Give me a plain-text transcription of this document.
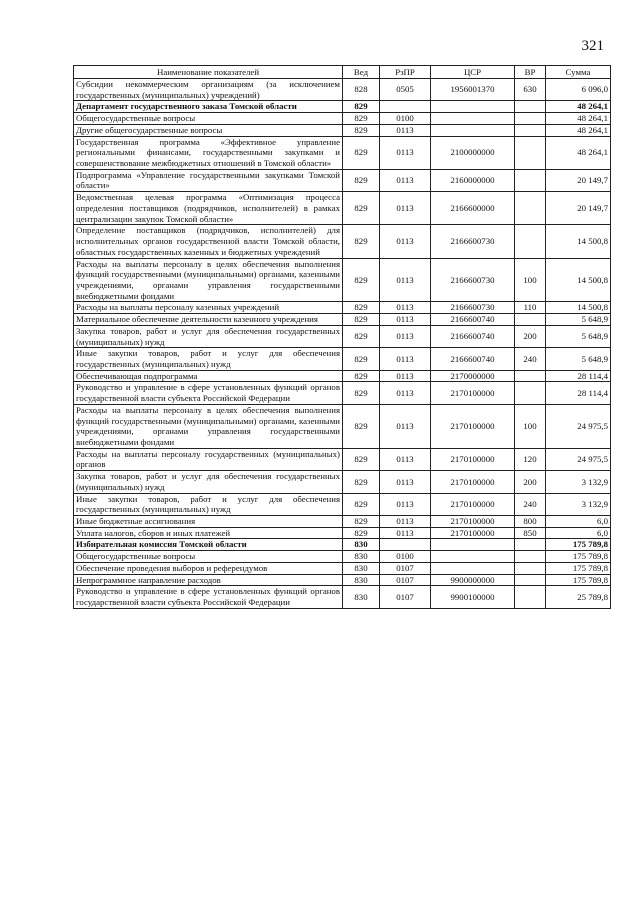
321
Наименование показателей	Вед	РзПР	ЦСР	ВР	Сумма
Субсидии некоммерческим организациям (за исключением государственных (муниципальных) учреждений)	828	0505	1956001370	630	6 096,0
Департамент государственного заказа Томской области	829				48 264,1
Общегосударственные вопросы	829	0100			48 264,1
Другие общегосударственные вопросы	829	0113			48 264,1
Государственная программа «Эффективное управление региональными финансами, государственными закупками и совершенствование межбюджетных отношений в Томской области»	829	0113	2100000000		48 264,1
Подпрограмма «Управление государственными закупками Томской области»	829	0113	2160000000		20 149,7
Ведомственная целевая программа «Оптимизация процесса определения поставщиков (подрядчиков, исполнителей) в рамках централизации закупок Томской области»	829	0113	2166600000		20 149,7
Определение поставщиков (подрядчиков, исполнителей) для исполнительных органов государственной власти Томской области, областных государственных казенных и бюджетных учреждений	829	0113	2166600730		14 500,8
Расходы на выплаты персоналу в целях обеспечения выполнения функций государственными (муниципальными) органами, казенными учреждениями, органами управления государственными внебюджетными фондами	829	0113	2166600730	100	14 500,8
Расходы на выплаты персоналу казенных учреждений	829	0113	2166600730	110	14 500,8
Материальное обеспечение деятельности казенного учреждения	829	0113	2166600740		5 648,9
Закупка товаров, работ и услуг для обеспечения государственных (муниципальных) нужд	829	0113	2166600740	200	5 648,9
Иные закупки товаров, работ и услуг для обеспечения государственных (муниципальных) нужд	829	0113	2166600740	240	5 648,9
Обеспечивающая подпрограмма	829	0113	2170000000		28 114,4
Руководство и управление в сфере установленных функций органов государственной власти субъекта Российской Федерации	829	0113	2170100000		28 114,4
Расходы на выплаты персоналу в целях обеспечения выполнения функций государственными (муниципальными) органами, казенными учреждениями, органами управления государственными внебюджетными фондами	829	0113	2170100000	100	24 975,5
Расходы на выплаты персоналу государственных (муниципальных) органов	829	0113	2170100000	120	24 975,5
Закупка товаров, работ и услуг для обеспечения государственных (муниципальных) нужд	829	0113	2170100000	200	3 132,9
Иные закупки товаров, работ и услуг для обеспечения государственных (муниципальных) нужд	829	0113	2170100000	240	3 132,9
Иные бюджетные ассигнования	829	0113	2170100000	800	6,0
Уплата налогов, сборов и иных платежей	829	0113	2170100000	850	6,0
Избирательная комиссия Томской области	830				175 789,8
Общегосударственные вопросы	830	0100			175 789,8
Обеспечение проведения выборов и референдумов	830	0107			175 789,8
Непрограммное направление расходов	830	0107	9900000000		175 789,8
Руководство и управление в сфере установленных функций органов государственной власти субъекта Российской Федерации	830	0107	9900100000		25 789,8
